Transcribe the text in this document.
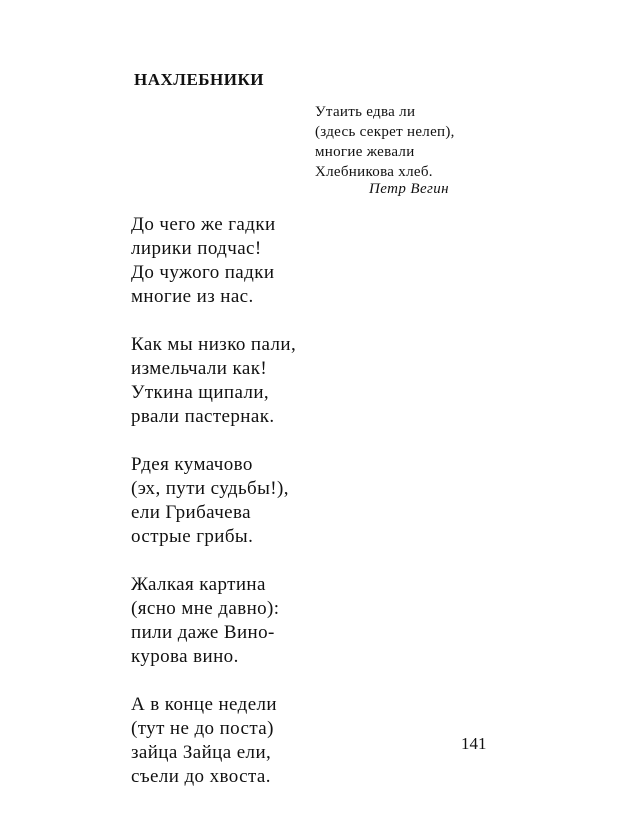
НАХЛЕБНИКИ
Утаить едва ли
(здесь секрет нелеп),
многие жевали
Хлебникова хлеб.
Петр Вегин
До чего же гадки
лирики подчас!
До чужого падки
многие из нас.
Как мы низко пали,
измельчали как!
Уткина щипали,
рвали пастернак.
Рдея кумачово
(эх, пути судьбы!),
ели Грибачева
острые грибы.
Жалкая картина
(ясно мне давно):
пили даже Вино-
курова вино.
А в конце недели
(тут не до поста)
зайца Зайца ели,
съели до хвоста.
141
